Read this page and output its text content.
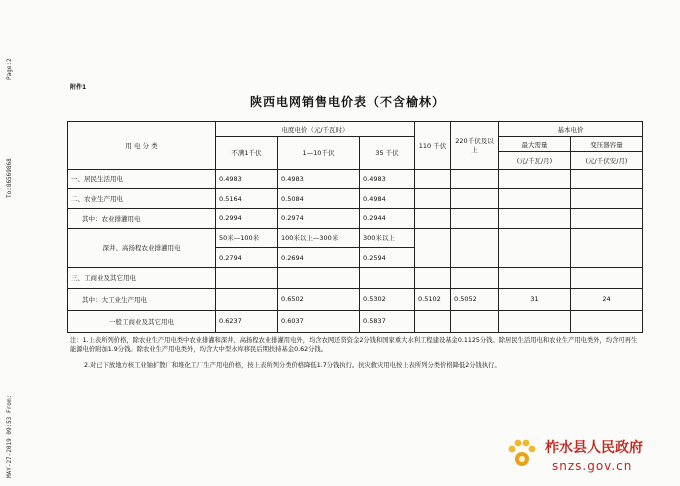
Page:2
To:86569868
MAY-27-2019 09:53 From:
附件1
陕西电网销售电价表（不含榆林）
用 电 分 类	电度电价（元/千瓦时）			110 千伏	220千伏及以上	基本电价	
	不满1千伏	1—10千伏	35 千伏			最大需量	变压器容量
						(元/千瓦/月)	(元/千伏安/月)
一、居民生活用电	0.4983	0.4983	0.4983				
二、农业生产用电	0.5164	0.5084	0.4984				
其中：农业排灌用电	0.2994	0.2974	0.2944				
深井、高扬程农业排灌用电	50米—100米	100米以上—300米	300米以上				
	0.2794	0.2694	0.2594				
三、工商业及其它用电							
其中：大工业生产用电		0.6502	0.5302	0.5102	0.5052	31	24
一般工商业及其它用电	0.6237	0.6037	0.5837				
注：1.上表所列价格，除农业生产用电类中农业排灌和深井、高扬程农业排灌用电外，均含农网还贷资金2分钱和国家重大水利工程建设基金0.1125分钱。除居民生活用电和农业生产用电类外，均含可再生能源电价附加1.9分钱。除农业生产用电类外，均含大中型水库移民后期扶持基金0.62分钱。
2.对已下放地方核工业铀扩散厂和堆化工厂生产用电价格，按上表所列分类价格降低1.7分钱执行。抗灾救灾用电按上表所列分类价格降低2分钱执行。
柞水县人民政府
snzs.gov.cn
